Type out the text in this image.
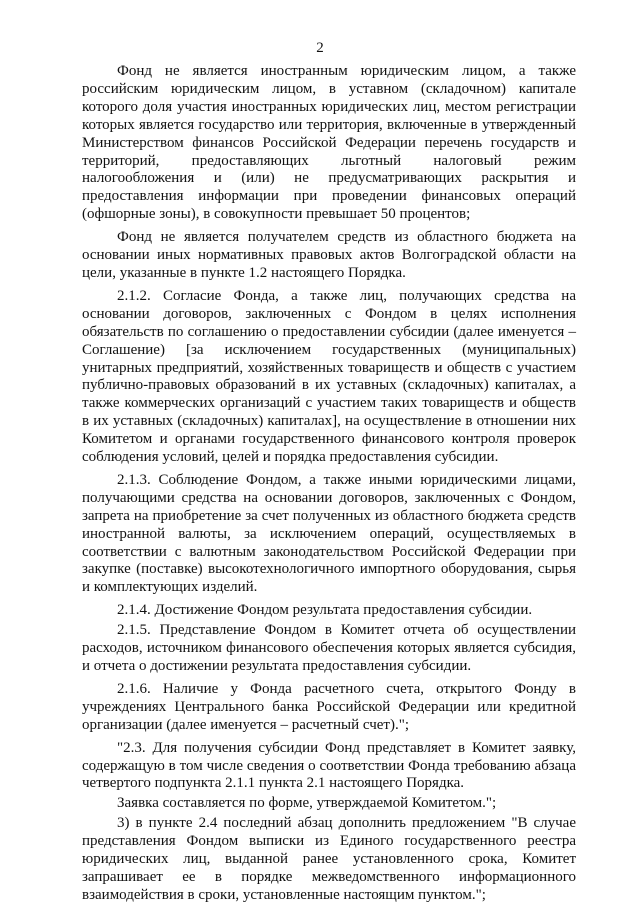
2

Фонд не является иностранным юридическим лицом, а также российским юридическим лицом, в уставном (складочном) капитале которого доля участия иностранных юридических лиц, местом регистрации которых является государство или территория, включенные в утвержденный Министерством финансов Российской Федерации перечень государств и территорий, предоставляющих льготный налоговый режим налогообложения и (или) не предусматривающих раскрытия и предоставления информации при проведении финансовых операций (офшорные зоны), в совокупности превышает 50 процентов;

Фонд не является получателем средств из областного бюджета на основании иных нормативных правовых актов Волгоградской области на цели, указанные в пункте 1.2 настоящего Порядка.

2.1.2. Согласие Фонда, а также лиц, получающих средства на основании договоров, заключенных с Фондом в целях исполнения обязательств по соглашению о предоставлении субсидии (далее именуется – Соглашение) [за исключением государственных (муниципальных) унитарных предприятий, хозяйственных товариществ и обществ с участием публично-правовых образований в их уставных (складочных) капиталах, а также коммерческих организаций с участием таких товариществ и обществ в их уставных (складочных) капиталах], на осуществление в отношении них Комитетом и органами государственного финансового контроля проверок соблюдения условий, целей и порядка предоставления субсидии.

2.1.3. Соблюдение Фондом, а также иными юридическими лицами, получающими средства на основании договоров, заключенных с Фондом, запрета на приобретение за счет полученных из областного бюджета средств иностранной валюты, за исключением операций, осуществляемых в соответствии с валютным законодательством Российской Федерации при закупке (поставке) высокотехнологичного импортного оборудования, сырья и комплектующих изделий.

2.1.4. Достижение Фондом результата предоставления субсидии.

2.1.5. Представление Фондом в Комитет отчета об осуществлении расходов, источником финансового обеспечения которых является субсидия, и отчета о достижении результата предоставления субсидии.

2.1.6. Наличие у Фонда расчетного счета, открытого Фонду в учреждениях Центрального банка Российской Федерации или кредитной организации (далее именуется – расчетный счет).";

"2.3. Для получения субсидии Фонд представляет в Комитет заявку, содержащую в том числе сведения о соответствии Фонда требованию абзаца четвертого подпункта 2.1.1 пункта 2.1 настоящего Порядка.

Заявка составляется по форме, утверждаемой Комитетом.";

3) в пункте 2.4 последний абзац дополнить предложением "В случае представления Фондом выписки из Единого государственного реестра юридических лиц, выданной ранее установленного срока, Комитет запрашивает ее в порядке межведомственного информационного взаимодействия в сроки, установленные настоящим пунктом.";
